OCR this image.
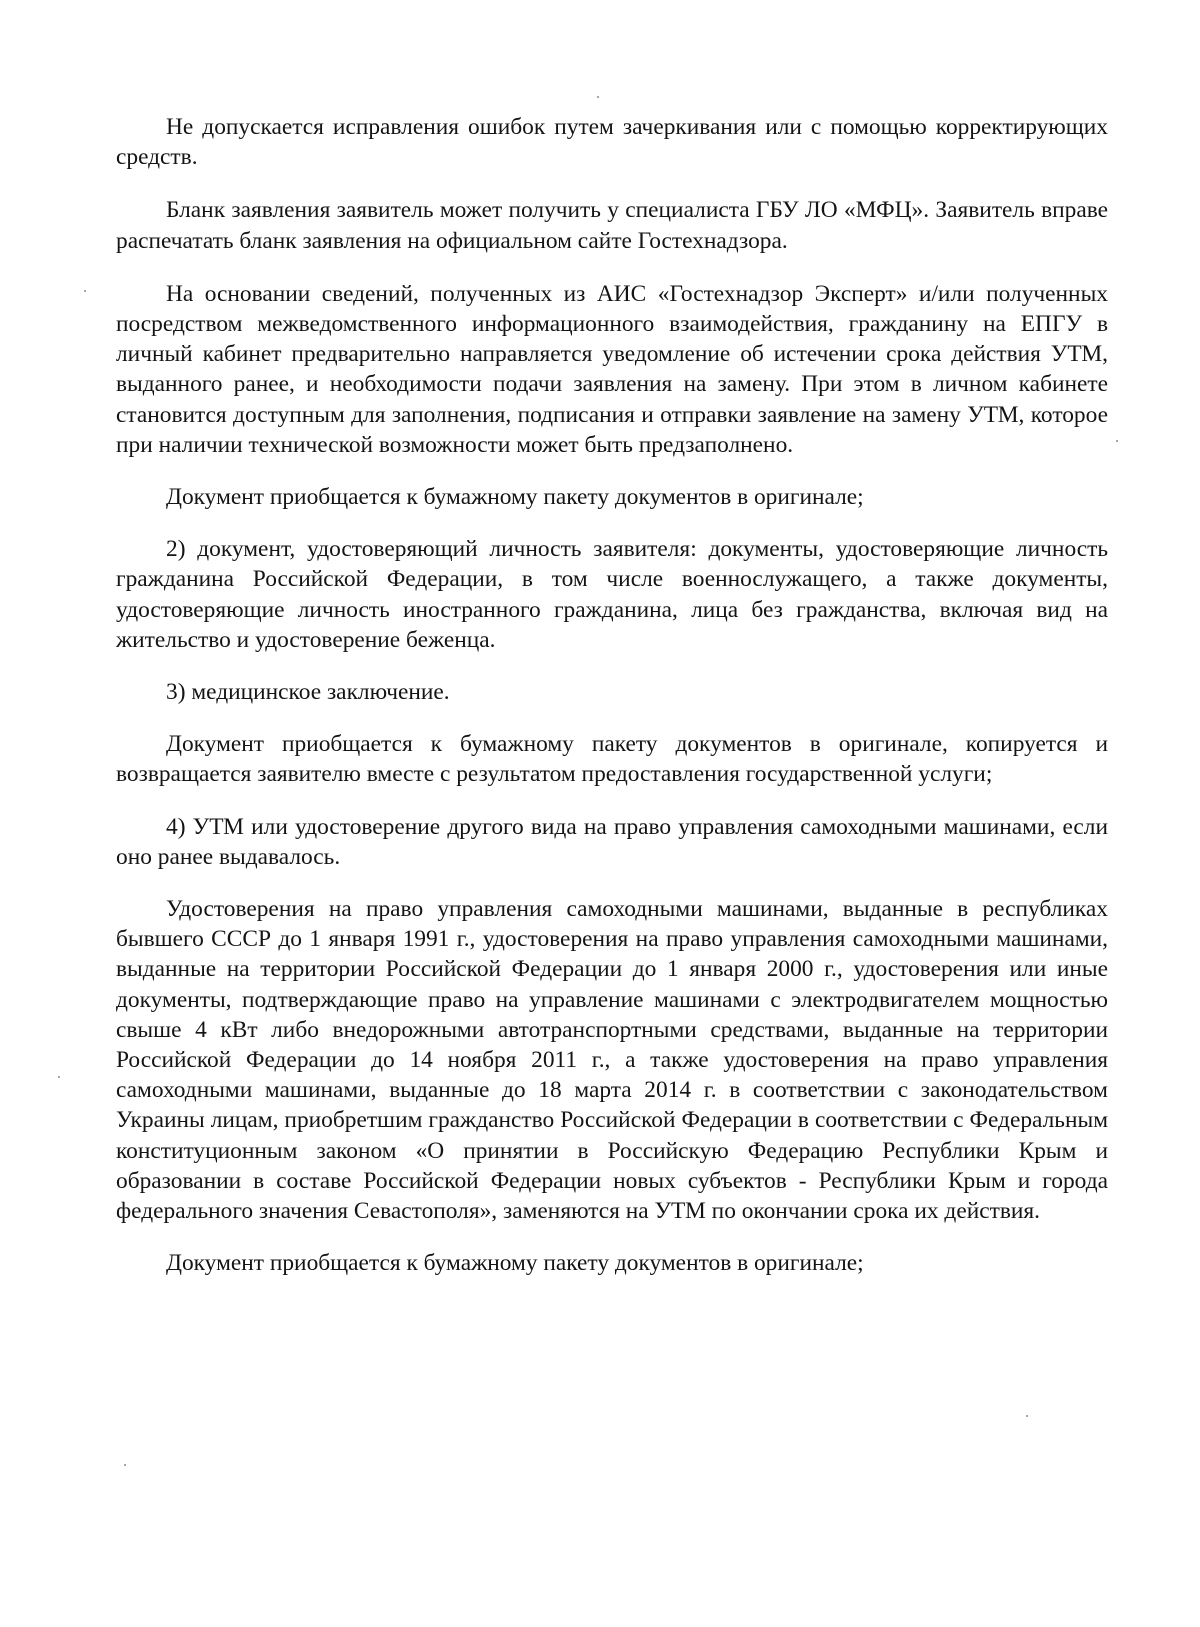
Не допускается исправления ошибок путем зачеркивания или с помощью корректирующих средств.

Бланк заявления заявитель может получить у специалиста ГБУ ЛО «МФЦ». Заявитель вправе распечатать бланк заявления на официальном сайте Гостехнадзора.

На основании сведений, полученных из АИС «Гостехнадзор Эксперт» и/или полученных посредством межведомственного информационного взаимодействия, гражданину на ЕПГУ в личный кабинет предварительно направляется уведомление об истечении срока действия УТМ, выданного ранее, и необходимости подачи заявления на замену. При этом в личном кабинете становится доступным для заполнения, подписания и отправки заявление на замену УТМ, которое при наличии технической возможности может быть предзаполнено.

Документ приобщается к бумажному пакету документов в оригинале;

2) документ, удостоверяющий личность заявителя: документы, удостоверяющие личность гражданина Российской Федерации, в том числе военнослужащего, а также документы, удостоверяющие личность иностранного гражданина, лица без гражданства, включая вид на жительство и удостоверение беженца.

3) медицинское заключение.

Документ приобщается к бумажному пакету документов в оригинале, копируется и возвращается заявителю вместе с результатом предоставления государственной услуги;

4) УТМ или удостоверение другого вида на право управления самоходными машинами, если оно ранее выдавалось.

Удостоверения на право управления самоходными машинами, выданные в республиках бывшего СССР до 1 января 1991 г., удостоверения на право управления самоходными машинами, выданные на территории Российской Федерации до 1 января 2000 г., удостоверения или иные документы, подтверждающие право на управление машинами с электродвигателем мощностью свыше 4 кВт либо внедорожными автотранспортными средствами, выданные на территории Российской Федерации до 14 ноября 2011 г., а также удостоверения на право управления самоходными машинами, выданные до 18 марта 2014 г. в соответствии с законодательством Украины лицам, приобретшим гражданство Российской Федерации в соответствии с Федеральным конституционным законом «О принятии в Российскую Федерацию Республики Крым и образовании в составе Российской Федерации новых субъектов - Республики Крым и города федерального значения Севастополя», заменяются на УТМ по окончании срока их действия.

Документ приобщается к бумажному пакету документов в оригинале;
